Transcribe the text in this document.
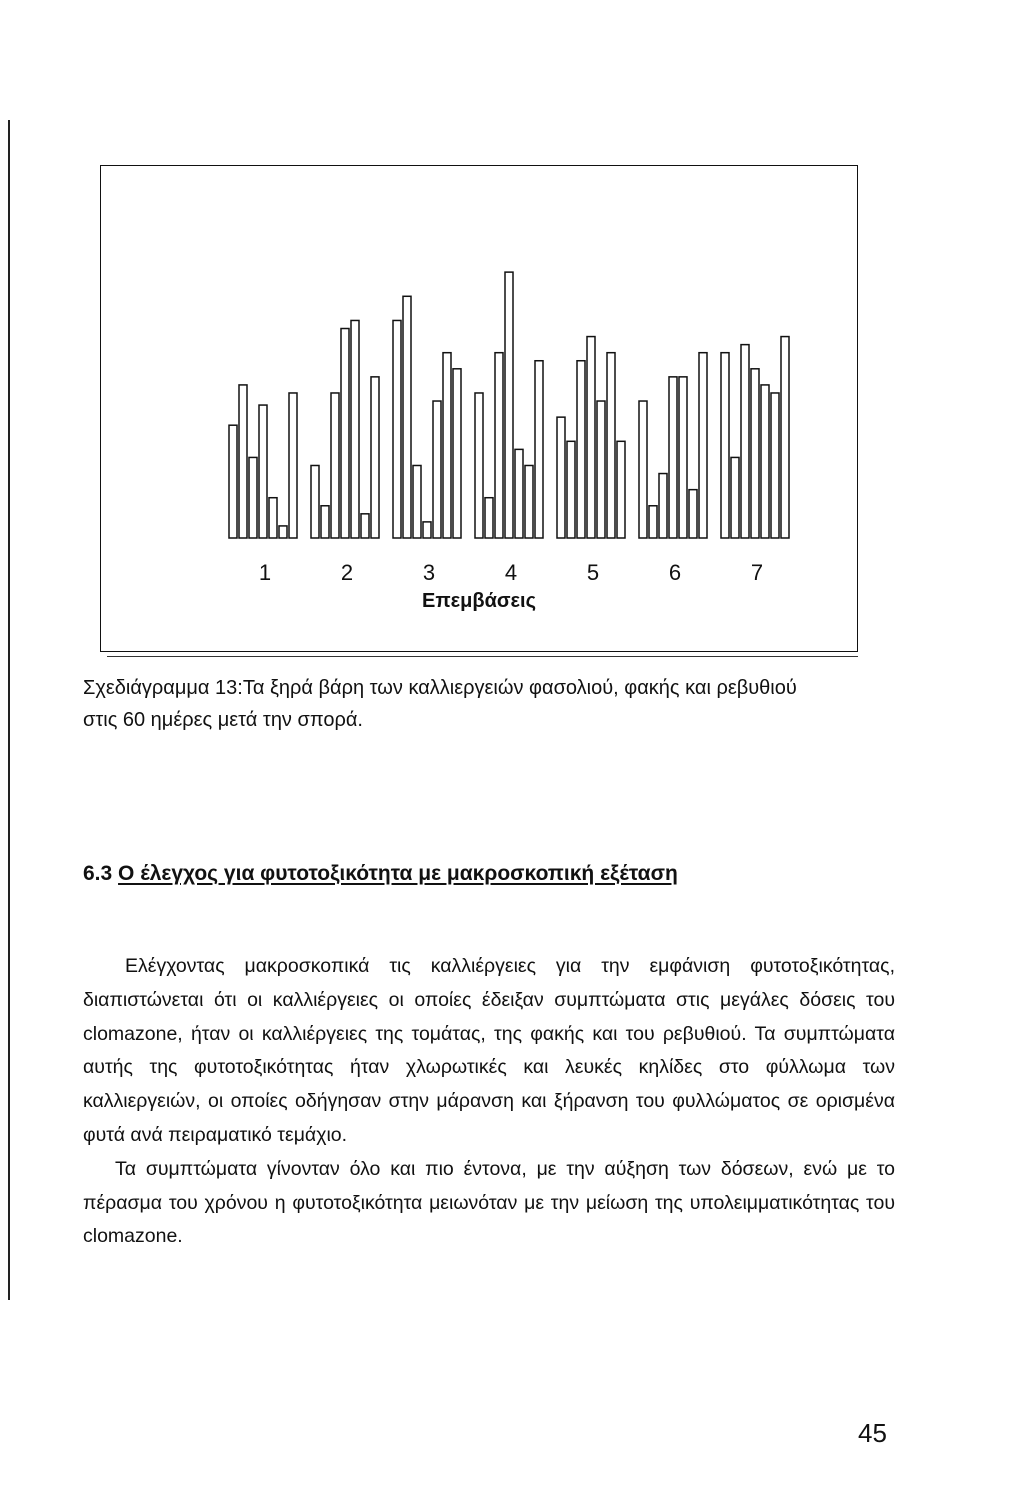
1	2	3	4	5	6	7
Επεμβάσεις
Σχεδιάγραμμα 13:Τα ξηρά βάρη των καλλιεργειών φασολιού, φακής και ρεβυθιού
στις 60 ημέρες μετά την σπορά.
6.3 Ο έλεγχος για φυτοτοξικότητα με μακροσκοπική εξέταση

Ελέγχοντας μακροσκοπικά τις καλλιέργειες για την εμφάνιση φυτοτοξικότητας, διαπιστώνεται ότι οι καλλιέργειες οι οποίες έδειξαν συμπτώματα στις μεγάλες δόσεις του clomazone, ήταν οι καλλιέργειες της τομάτας, της φακής και του ρεβυθιού. Τα συμπτώματα αυτής της φυτοτοξικότητας ήταν χλωρωτικές και λευκές κηλίδες στο φύλλωμα των καλλιεργειών, οι οποίες οδήγησαν στην μάρανση και ξήρανση του φυλλώματος σε ορισμένα φυτά ανά πειραματικό τεμάχιο.

Τα συμπτώματα γίνονταν όλο και πιο έντονα, με την αύξηση των δόσεων, ενώ με το πέρασμα του χρόνου η φυτοτοξικότητα μειωνόταν με την μείωση της υπολειμματικότητας του clomazone.

45
